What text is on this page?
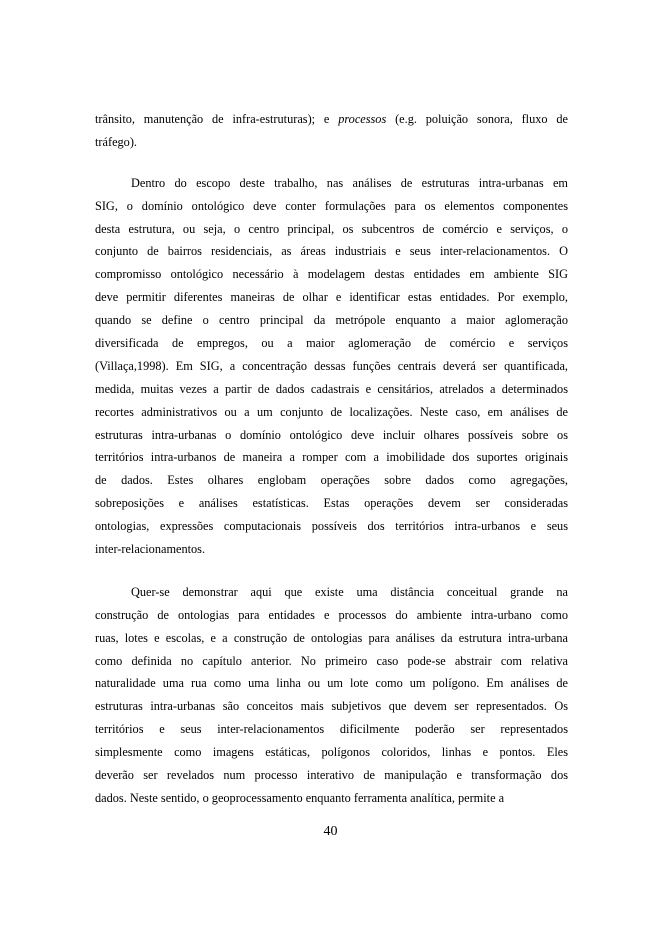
trânsito, manutenção de infra-estruturas); e processos (e.g. poluição sonora, fluxo de
tráfego).
Dentro do escopo deste trabalho, nas análises de estruturas intra-urbanas em
SIG, o domínio ontológico deve conter formulações para os elementos componentes
desta estrutura, ou seja, o centro principal, os subcentros de comércio e serviços, o
conjunto de bairros residenciais, as áreas industriais e seus inter-relacionamentos. O
compromisso ontológico necessário à modelagem destas entidades em ambiente SIG
deve permitir diferentes maneiras de olhar e identificar estas entidades. Por exemplo,
quando se define o centro principal da metrópole enquanto a maior aglomeração
diversificada de empregos, ou a maior aglomeração de comércio e serviços
(Villaça,1998). Em SIG, a concentração dessas funções centrais deverá ser quantificada,
medida, muitas vezes a partir de dados cadastrais e censitários, atrelados a determinados
recortes administrativos ou a um conjunto de localizações. Neste caso, em análises de
estruturas intra-urbanas o domínio ontológico deve incluir olhares possíveis sobre os
territórios intra-urbanos de maneira a romper com a imobilidade dos suportes originais
de dados. Estes olhares englobam operações sobre dados como agregações,
sobreposições e análises estatísticas. Estas operações devem ser consideradas
ontologias, expressões computacionais possíveis dos territórios intra-urbanos e seus
inter-relacionamentos.
Quer-se demonstrar aqui que existe uma distância conceitual grande na
construção de ontologias para entidades e processos do ambiente intra-urbano como
ruas, lotes e escolas, e a construção de ontologias para análises da estrutura intra-urbana
como definida no capítulo anterior. No primeiro caso pode-se abstrair com relativa
naturalidade uma rua como uma linha ou um lote como um polígono. Em análises de
estruturas intra-urbanas são conceitos mais subjetivos que devem ser representados. Os
territórios e seus inter-relacionamentos dificilmente poderão ser representados
simplesmente como imagens estáticas, polígonos coloridos, linhas e pontos. Eles
deverão ser revelados num processo interativo de manipulação e transformação dos
dados. Neste sentido, o geoprocessamento enquanto ferramenta analítica, permite a
40
